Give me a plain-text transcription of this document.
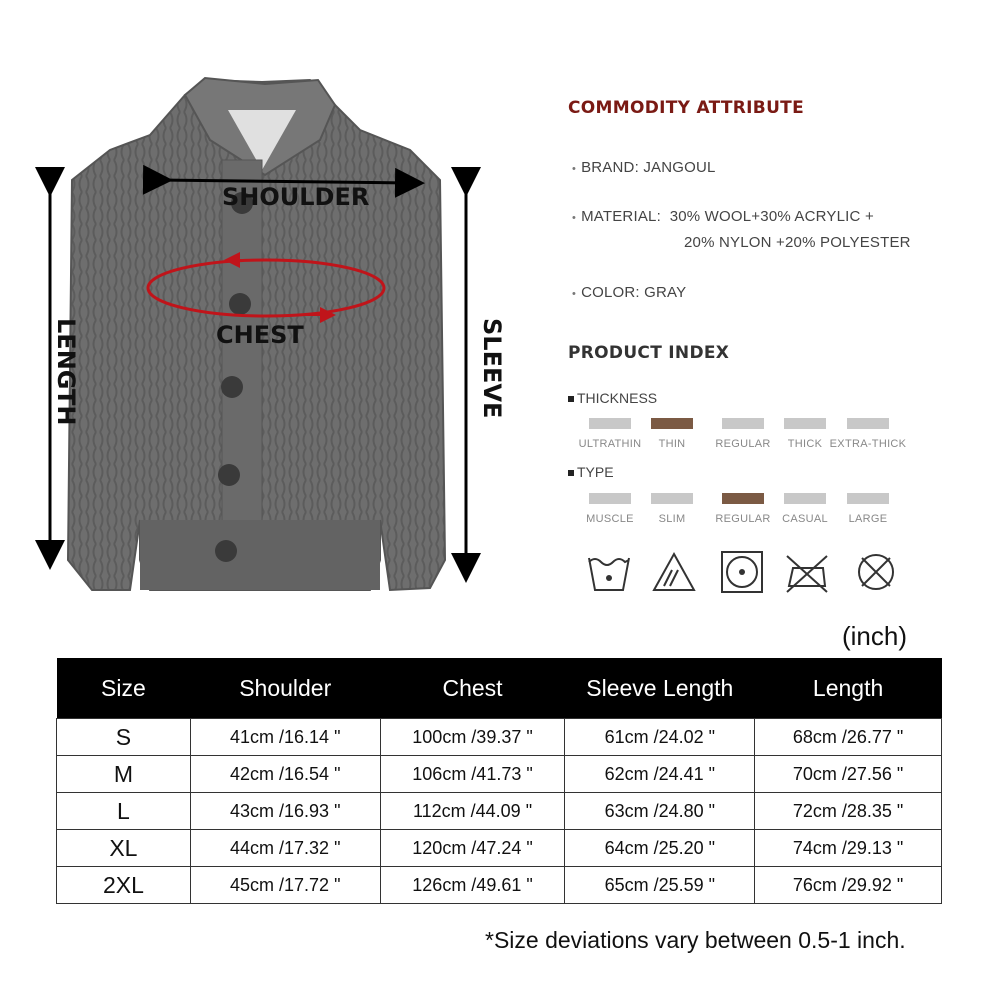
SHOULDER
CHEST
LENGTH	SLEEVE
COMMODITY ATTRIBUTE
• BRAND: JANGOUL
• MATERIAL: 30% WOOL+30% ACRYLIC +
20% NYLON +20% POLYESTER
• COLOR: GRAY
PRODUCT INDEX
THICKNESS
ULTRATHIN	THIN	REGULAR	THICK EXTRA-THICK
TYPE
MUSCLE	SLIM	REGULAR	CASUAL	LARGE
(inch)
Size	Shoulder	Chest	Sleeve Length	Length
S	41cm /16.14 "	100cm /39.37 "	61cm /24.02 "	68cm /26.77 "
M	42cm /16.54 "	106cm /41.73 "	62cm /24.41 "	70cm /27.56 "
L	43cm /16.93 "	112cm /44.09 "	63cm /24.80 "	72cm /28.35 "
XL	44cm /17.32 "	120cm /47.24 "	64cm /25.20 "	74cm /29.13 "
2XL	45cm /17.72 "	126cm /49.61 "	65cm /25.59 "	76cm /29.92 "
*Size deviations vary between 0.5-1 inch.
